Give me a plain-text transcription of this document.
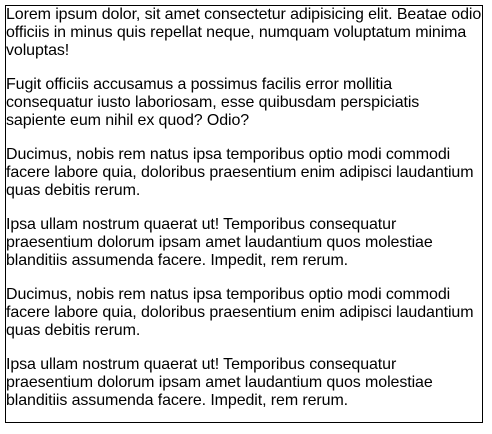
Lorem ipsum dolor, sit amet consectetur adipisicing elit. Beatae odio officiis in minus quis repellat neque, numquam voluptatum minima voluptas!

Fugit officiis accusamus a possimus facilis error mollitia consequatur iusto laboriosam, esse quibusdam perspiciatis sapiente eum nihil ex quod? Odio?

Ducimus, nobis rem natus ipsa temporibus optio modi commodi facere labore quia, doloribus praesentium enim adipisci laudantium quas debitis rerum.

Ipsa ullam nostrum quaerat ut! Temporibus consequatur praesentium dolorum ipsam amet laudantium quos molestiae blanditiis assumenda facere. Impedit, rem rerum.

Ducimus, nobis rem natus ipsa temporibus optio modi commodi facere labore quia, doloribus praesentium enim adipisci laudantium quas debitis rerum.

Ipsa ullam nostrum quaerat ut! Temporibus consequatur praesentium dolorum ipsam amet laudantium quos molestiae blanditiis assumenda facere. Impedit, rem rerum.
